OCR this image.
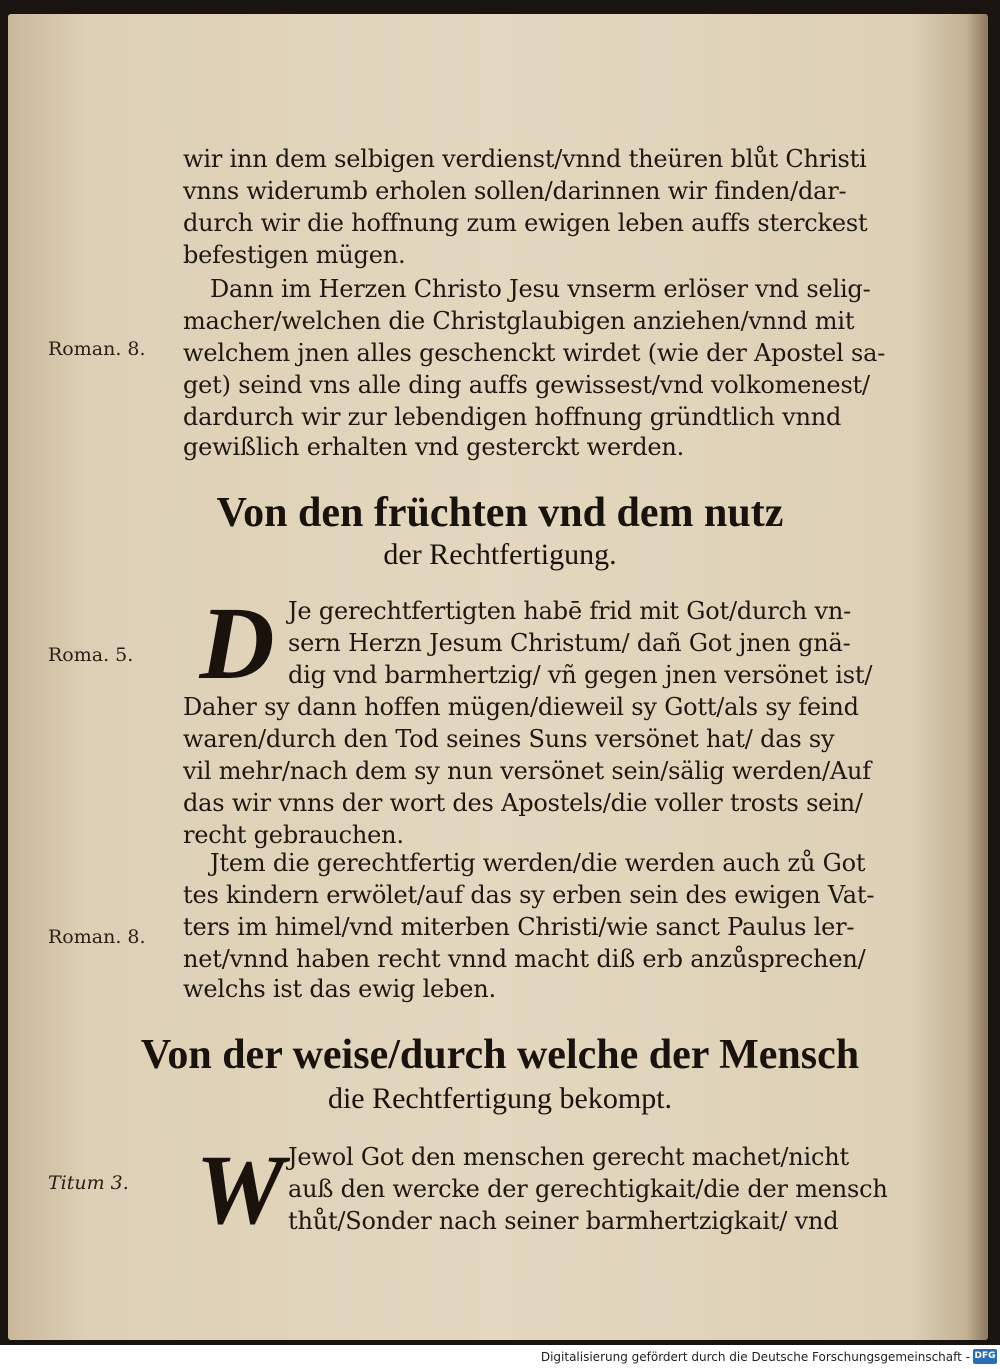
wir inn dem selbigen verdienst/vnnd theüren blůt Christi
vnns widerumb erholen sollen/darinnen wir finden/dar-
durch wir die hoffnung zum ewigen leben auffs sterckest
befestigen mügen.
Dann im Herzen Christo Jesu vnserm erlöser vnd selig-
macher/welchen die Christglaubigen anziehen/vnnd mit
welchem jnen alles geschenckt wirdet (wie der Apostel sa-
get) seind vns alle ding auffs gewissest/vnd volkomenest/
dardurch wir zur lebendigen hoffnung gründtlich vnnd
gewißlich erhalten vnd gesterckt werden.
Roman. 8.
Von den früchten vnd dem nutz
der Rechtfertigung.
D Je gerechtfertigten habē frid mit Got/durch vn-
sern Herzn Jesum Christum/ dañ Got jnen gnä-
dig vnd barmhertzig/ vñ gegen jnen versönet ist/
Daher sy dann hoffen mügen/dieweil sy Gott/als sy feind
waren/durch den Tod seines Suns versönet hat/ das sy
vil mehr/nach dem sy nun versönet sein/sälig werden/Auf
das wir vnns der wort des Apostels/die voller trosts sein/
recht gebrauchen.
Roma. 5.
Jtem die gerechtfertig werden/die werden auch zů Got
tes kindern erwölet/auf das sy erben sein des ewigen Vat-
ters im himel/vnd miterben Christi/wie sanct Paulus ler-
net/vnnd haben recht vnnd macht diß erb anzůsprechen/
welchs ist das ewig leben.
Roman. 8.
Von der weise/durch welche der Mensch
die Rechtfertigung bekompt.
W Jewol Got den menschen gerecht machet/nicht
auß den wercke der gerechtigkait/die der mensch
thůt/Sonder nach seiner barmhertzigkait/ vnd
Titum 3.
Digitalisierung gefördert durch die Deutsche Forschungsgemeinschaft - DFG
